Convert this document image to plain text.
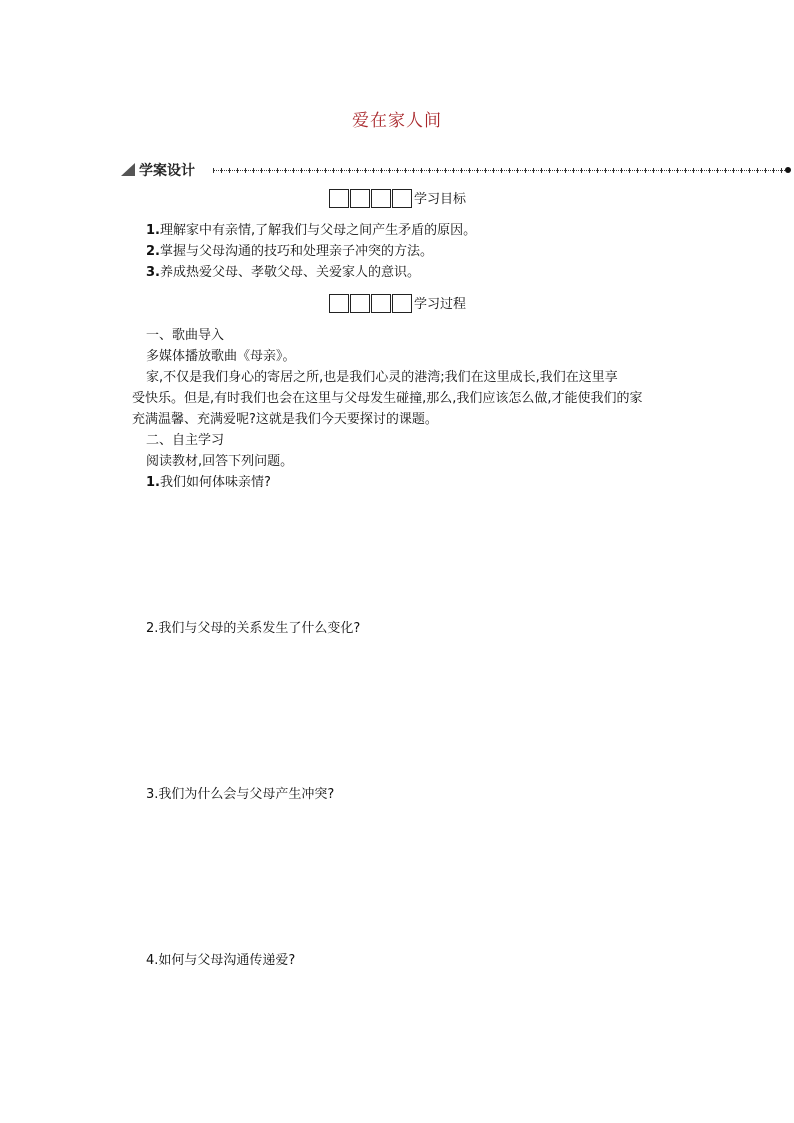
爱在家人间
学案设计
学习目标
1.理解家中有亲情,了解我们与父母之间产生矛盾的原因。
2.掌握与父母沟通的技巧和处理亲子冲突的方法。
3.养成热爱父母、孝敬父母、关爱家人的意识。
学习过程
一、歌曲导入
多媒体播放歌曲《母亲》。
家,不仅是我们身心的寄居之所,也是我们心灵的港湾;我们在这里成长,我们在这里享
受快乐。但是,有时我们也会在这里与父母发生碰撞,那么,我们应该怎么做,才能使我们的家
充满温馨、充满爱呢?这就是我们今天要探讨的课题。
二、自主学习
阅读教材,回答下列问题。
1.我们如何体味亲情?
2.我们与父母的关系发生了什么变化?
3.我们为什么会与父母产生冲突?
4.如何与父母沟通传递爱?
